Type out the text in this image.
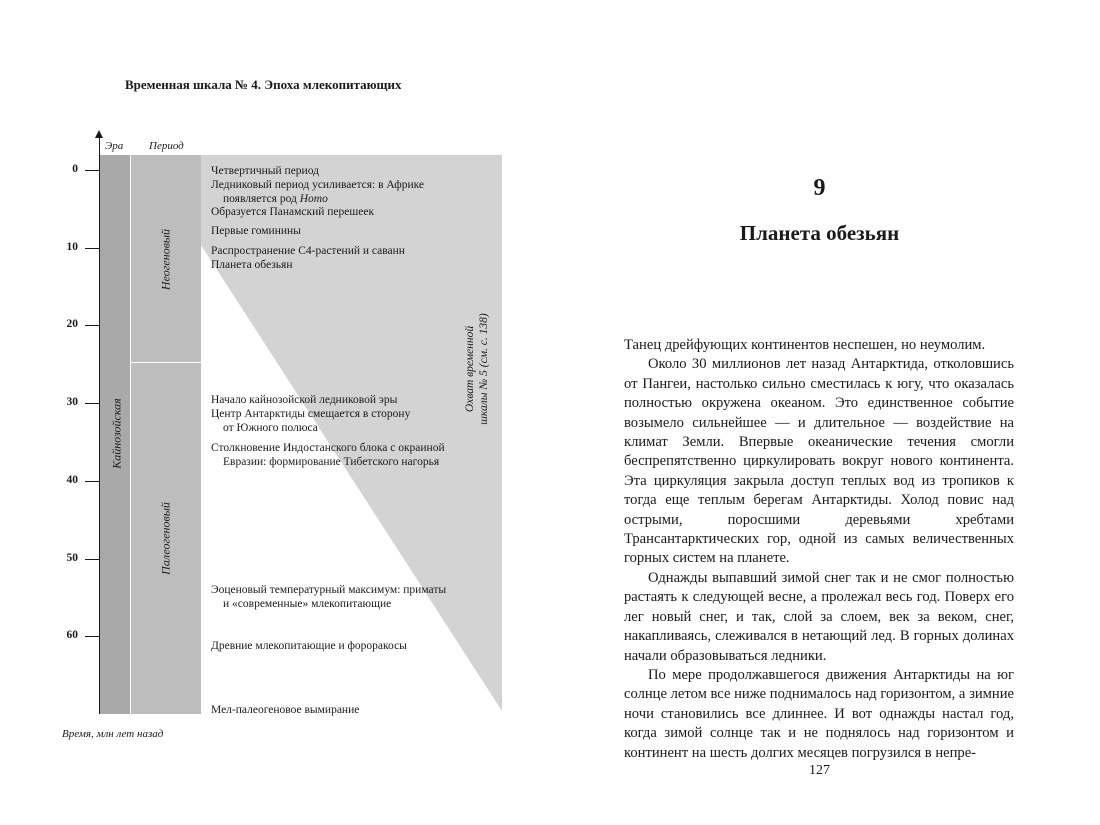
Временная шкала № 4. Эпоха млекопитающих
Эра Период
0
10
20
30
40
50
60
Кайнозойская
Неогеновый
Палеогеновый
Охват временной шкалы № 5 (см. с. 138)
Четвертичный период
Ледниковый период усиливается: в Африке
появляется род Homo
Образуется Панамский перешеек
Первые гоминины
Распространение С4-растений и саванн
Планета обезьян
Начало кайнозойской ледниковой эры
Центр Антарктиды смещается в сторону
от Южного полюса
Столкновение Индостанского блока с окраиной
Евразии: формирование Тибетского нагорья
Эоценовый температурный максимум: приматы
и «современные» млекопитающие
Древние млекопитающие и фороракосы
Мел-палеогеновое вымирание
Время, млн лет назад
9
Планета обезьян

Танец дрейфующих континентов неспешен, но неумолим.

Около 30 миллионов лет назад Антарктида, отколовшись от Пангеи, настолько сильно сместилась к югу, что оказалась полностью окружена океаном. Это единственное событие возымело сильнейшее — и длительное — воздействие на климат Земли. Впервые океанические течения смогли беспрепятственно циркулировать вокруг нового континента. Эта циркуляция закрыла доступ теплых вод из тропиков к тогда еще теплым берегам Антарктиды. Холод повис над острыми, поросшими деревьями хребтами Трансантарктических гор, одной из самых величественных горных систем на планете.

Однажды выпавший зимой снег так и не смог полностью растаять к следующей весне, а пролежал весь год. Поверх его лег новый снег, и так, слой за слоем, век за веком, снег, накапливаясь, слеживался в нетающий лед. В горных долинах начали образовываться ледники.

По мере продолжавшегося движения Антарктиды на юг солнце летом все ниже поднималось над горизонтом, а зимние ночи становились все длиннее. И вот однажды настал год, когда зимой солнце так и не поднялось над горизонтом и континент на шесть долгих месяцев погрузился в непре-

127
